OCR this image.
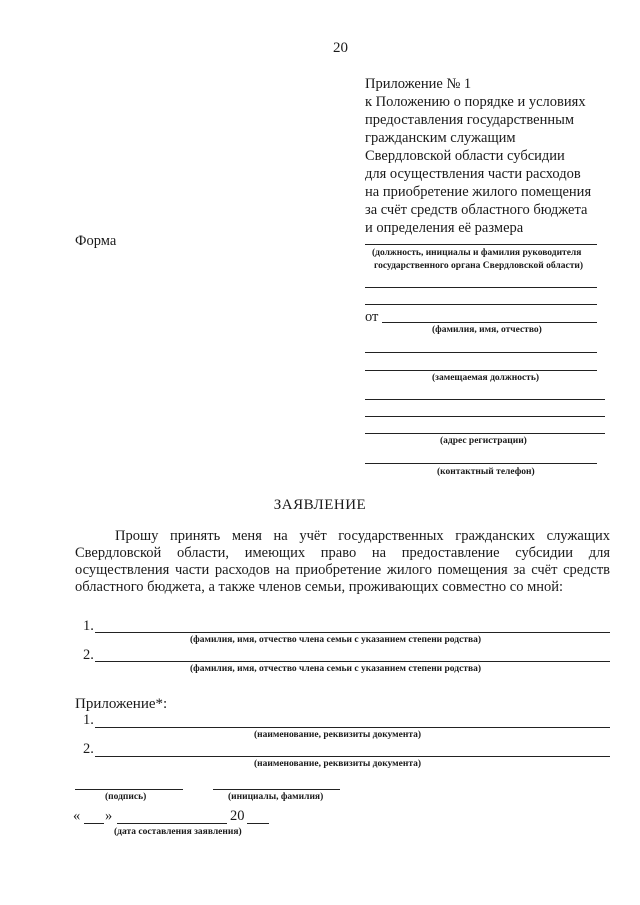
20
Приложение № 1
к Положению о порядке и условиях
предоставления государственным
гражданским служащим
Свердловской области субсидии
для осуществления части расходов
на приобретение жилого помещения
за счёт средств областного бюджета
и определения её размера
Форма
(должность, инициалы и фамилия руководителя
государственного органа Свердловской области)
от
(фамилия, имя, отчество)
(замещаемая должность)
(адрес регистрации)
(контактный телефон)
ЗАЯВЛЕНИЕ

Прошу принять меня на учёт государственных гражданских служащих Свердловской области, имеющих право на предоставление субсидии для осуществления части расходов на приобретение жилого помещения за счёт средств областного бюджета, а также членов семьи, проживающих совместно со мной:

1.
(фамилия, имя, отчество члена семьи с указанием степени родства)
2.
(фамилия, имя, отчество члена семьи с указанием степени родства)
Приложение*:
1.
(наименование, реквизиты документа)
2.
(наименование, реквизиты документа)
(подпись)	(инициалы, фамилия)
« »	20
(дата составления заявления)
